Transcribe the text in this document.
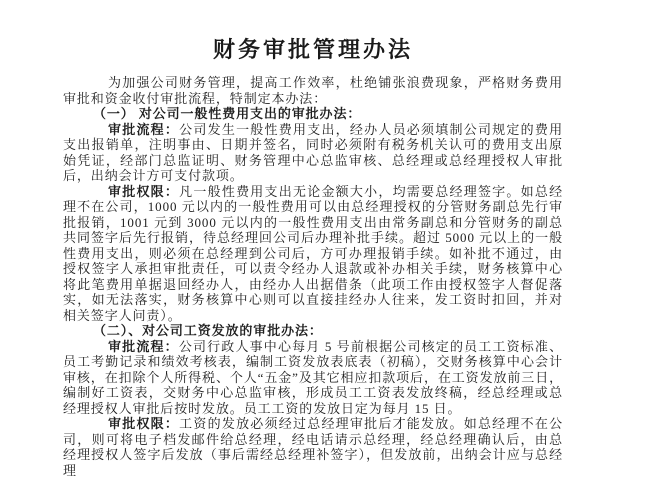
财务审批管理办法

为加强公司财务管理，提高工作效率，杜绝铺张浪费现象，严格财务费用审批和资金收付审批流程，特制定本办法：

（一） 对公司一般性费用支出的审批办法：

审批流程：公司发生一般性费用支出，经办人员必须填制公司规定的费用支出报销单，注明事由、日期并签名，同时必须附有税务机关认可的费用支出原始凭证，经部门总监证明、财务管理中心总监审核、总经理或总经理授权人审批后，出纳会计方可支付款项。

审批权限：凡一般性费用支出无论金额大小，均需要总经理签字。如总经理不在公司，1000 元以内的一般性费用可以由总经理授权的分管财务副总先行审批报销，1001 元到 3000 元以内的一般性费用支出由常务副总和分管财务的副总共同签字后先行报销，待总经理回公司后办理补批手续。超过 5000 元以上的一般性费用支出，则必须在总经理到公司后，方可办理报销手续。如补批不通过，由授权签字人承担审批责任，可以责令经办人退款或补办相关手续，财务核算中心将此笔费用单据退回经办人，由经办人出据借条（此项工作由授权签字人督促落实，如无法落实，财务核算中心则可以直接挂经办人往来，发工资时扣回，并对相关签字人问责）。

（二）、对公司工资发放的审批办法：

审批流程：公司行政人事中心每月 5 号前根据公司核定的员工工资标准、员工考勤记录和绩效考核表，编制工资发放表底表（初稿），交财务核算中心会计审核，在扣除个人所得税、个人“五金”及其它相应扣款项后，在工资发放前三日，编制好工资表，交财务中心总监审核，形成员工工资表发放终稿，经总经理或总经理授权人审批后按时发放。员工工资的发放日定为每月 15 日。

审批权限：工资的发放必须经过总经理审批后才能发放。如总经理不在公司，则可将电子档发邮件给总经理，经电话请示总经理，经总经理确认后，由总经理授权人签字后发放（事后需经总经理补签字），但发放前，出纳会计应与总经理
